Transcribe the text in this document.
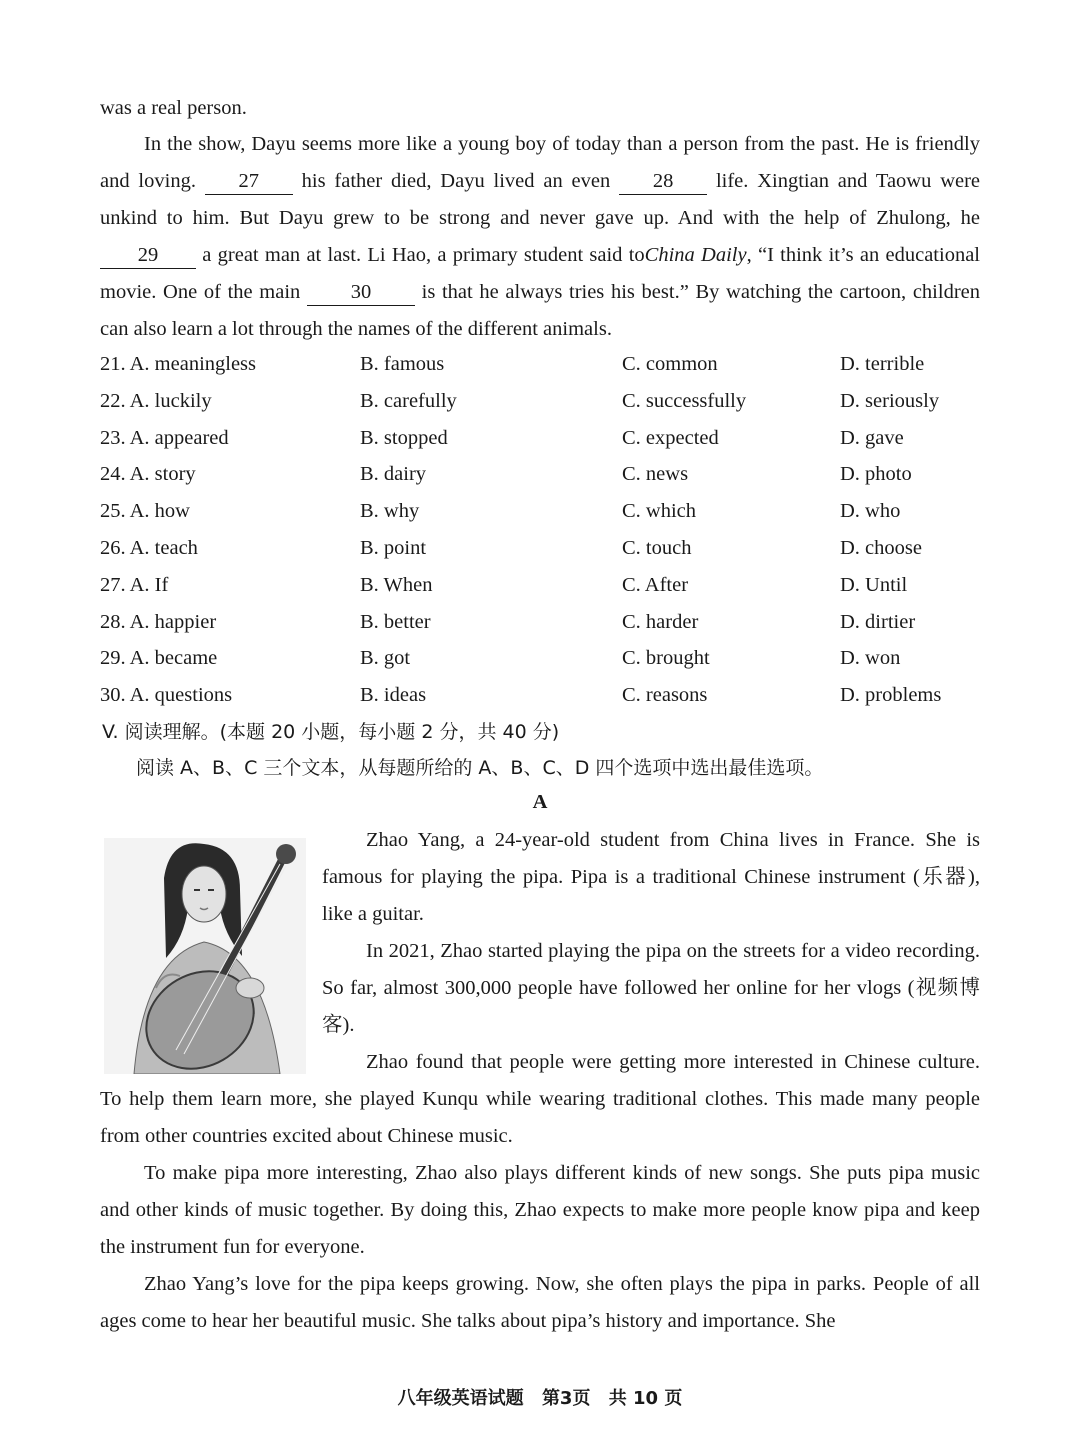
was a real person.

In the show, Dayu seems more like a young boy of today than a person from the past. He is friendly and loving. 27 his father died, Dayu lived an even 28 life. Xingtian and Taowu were unkind to him. But Dayu grew to be strong and never gave up. And with the help of Zhulong, he 29 a great man at last. Li Hao, a primary student said toChina Daily, “I think it’s an educational movie. One of the main 30 is that he always tries his best.” By watching the cartoon, children can also learn a lot through the names of the different animals.

21. A. meaningless	B. famous	C. common	D. terrible
22. A. luckily	B. carefully	C. successfully	D. seriously
23. A. appeared	B. stopped	C. expected	D. gave
24. A. story	B. dairy	C. news	D. photo
25. A. how	B. why	C. which	D. who
26. A. teach	B. point	C. touch	D. choose
27. A. If	B. When	C. After	D. Until
28. A. happier	B. better	C. harder	D. dirtier
29. A. became	B. got	C. brought	D. won
30. A. questions	B. ideas	C. reasons	D. problems

V. 阅读理解。(本题 20 小题，每小题 2 分，共 40 分)

阅读 A、B、C 三个文本，从每题所给的 A、B、C、D 四个选项中选出最佳选项。

A

Zhao Yang, a 24-year-old student from China lives in France. She is famous for playing the pipa. Pipa is a traditional Chinese instrument (乐器), like a guitar.

In 2021, Zhao started playing the pipa on the streets for a video recording. So far, almost 300,000 people have followed her online for her vlogs (视频博客).

Zhao found that people were getting more interested in Chinese culture. To help them learn more, she played Kunqu while wearing traditional clothes. This made many people from other countries excited about Chinese music.

To make pipa more interesting, Zhao also plays different kinds of new songs. She puts pipa music and other kinds of music together. By doing this, Zhao expects to make more people know pipa and keep the instrument fun for everyone.

Zhao Yang’s love for the pipa keeps growing. Now, she often plays the pipa in parks. People of all ages come to hear her beautiful music. She talks about pipa’s history and importance. She

八年级英语试题 第3页 共 10 页
